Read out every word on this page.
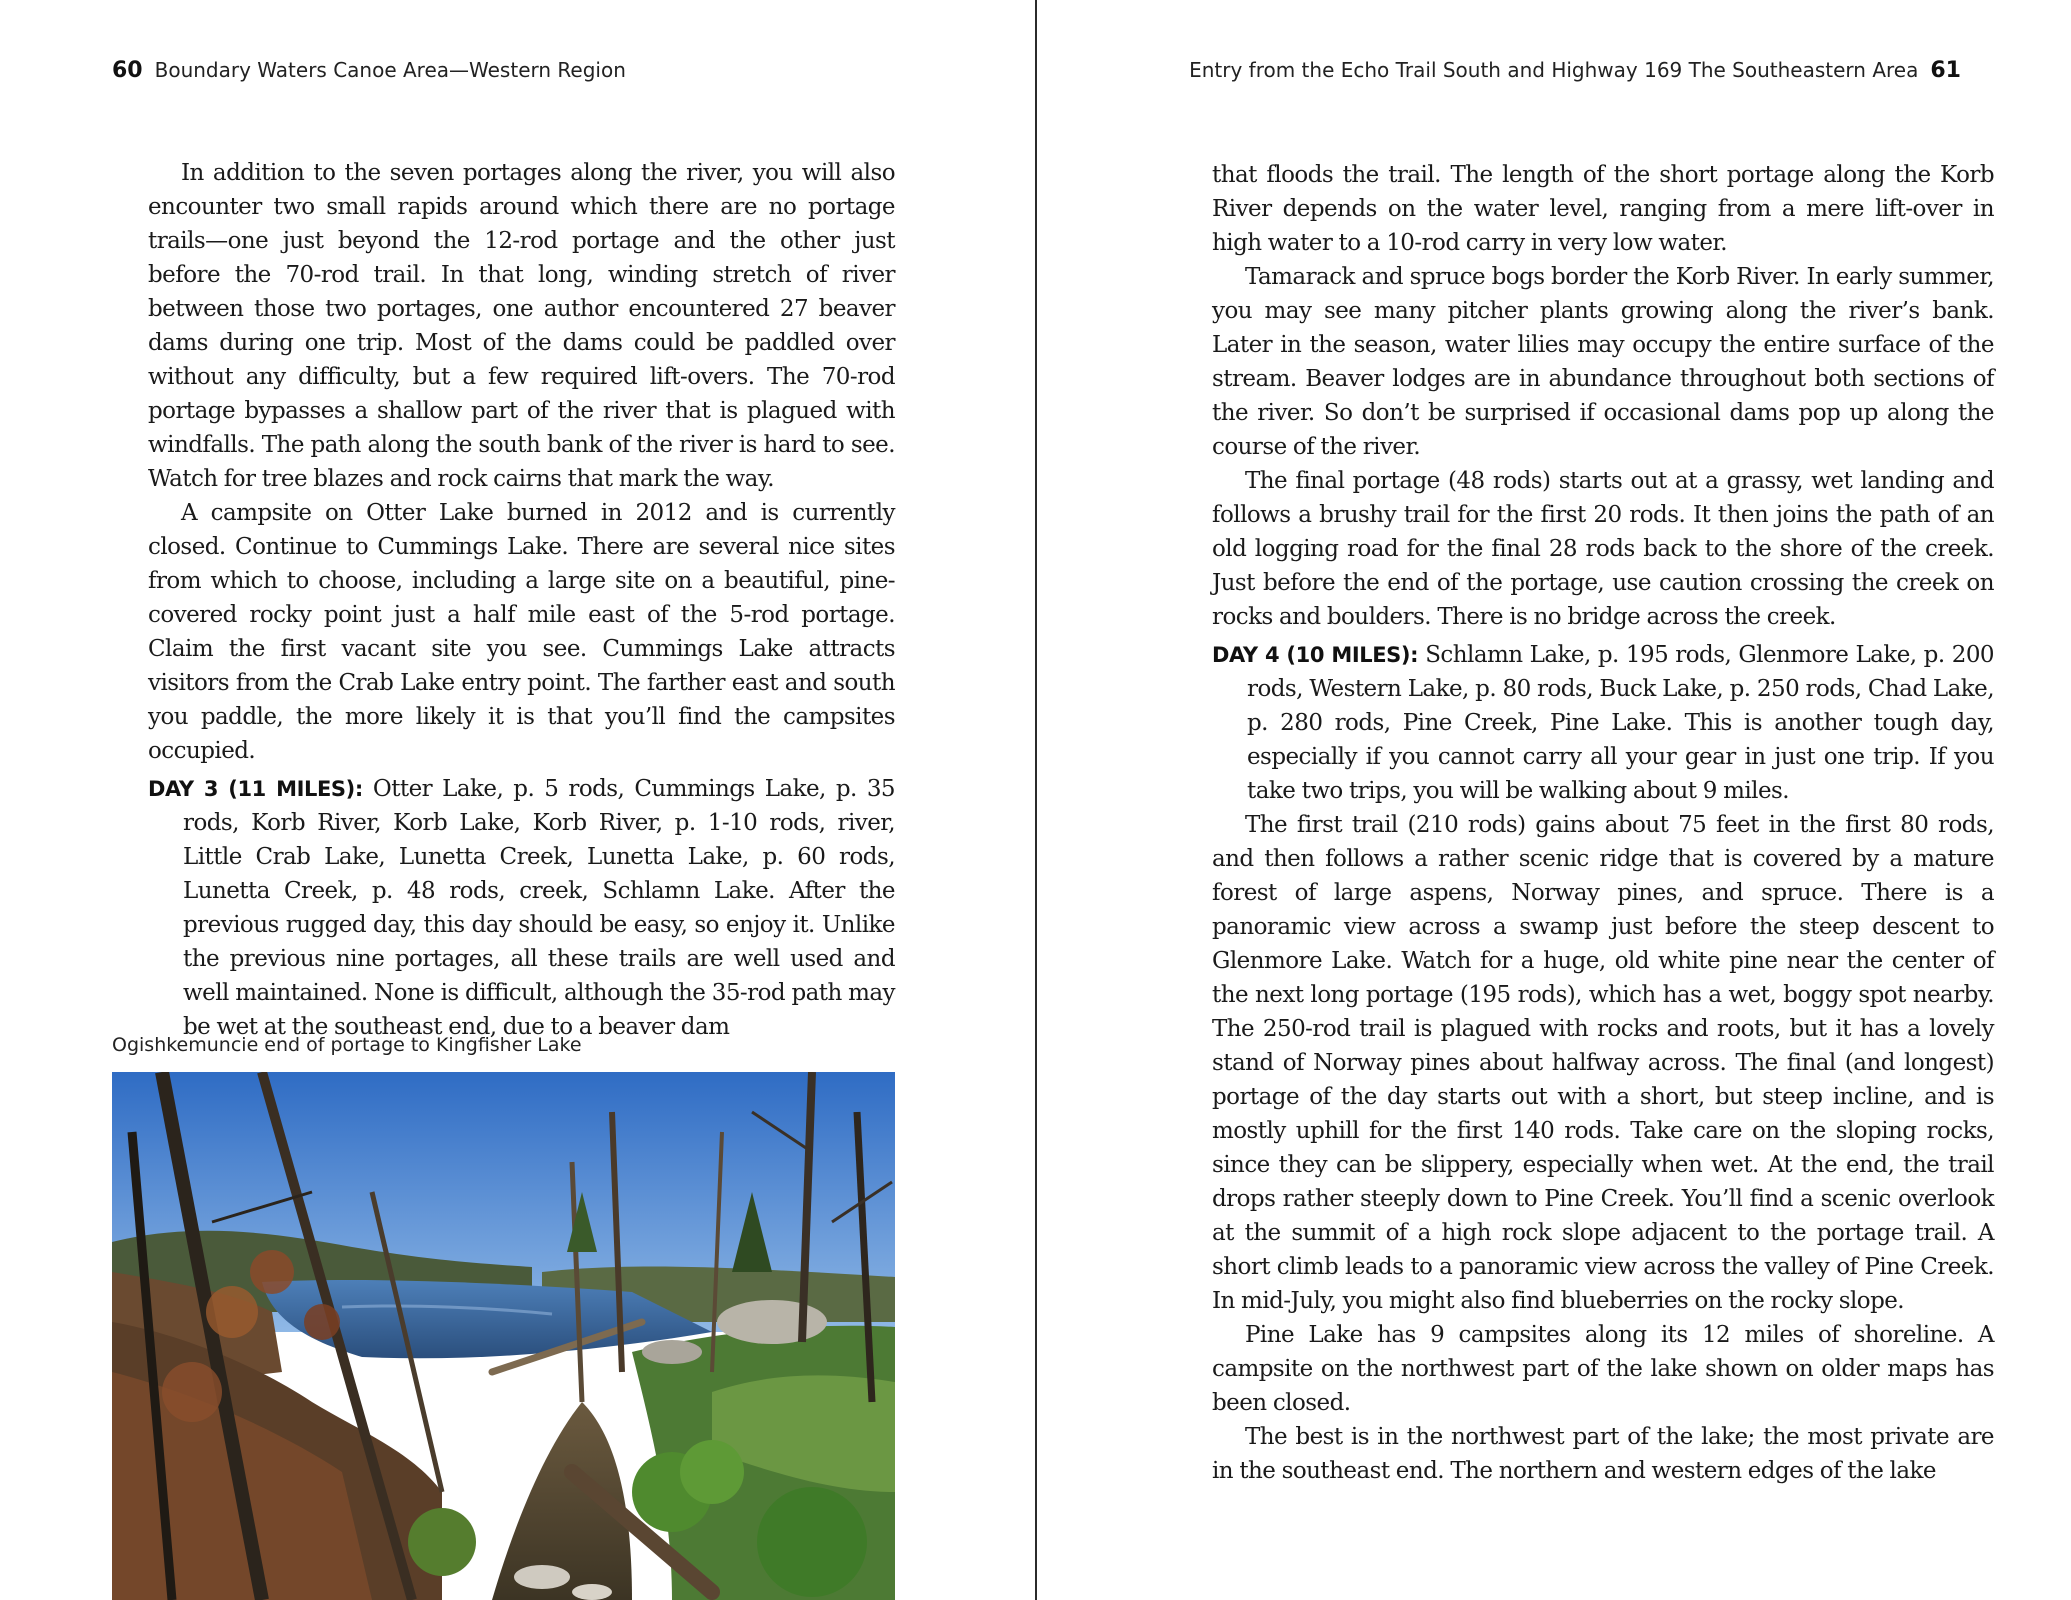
60 Boundary Waters Canoe Area—Western Region

In addition to the seven portages along the river, you will also encounter two small rapids around which there are no portage trails—one just beyond the 12-rod portage and the other just before the 70-rod trail. In that long, winding stretch of river between those two portages, one author encountered 27 beaver dams during one trip. Most of the dams could be paddled over without any difficulty, but a few required lift-overs. The 70-rod portage bypasses a shallow part of the river that is plagued with windfalls. The path along the south bank of the river is hard to see. Watch for tree blazes and rock cairns that mark the way.

A campsite on Otter Lake burned in 2012 and is currently closed. Continue to Cummings Lake. There are several nice sites from which to choose, including a large site on a beautiful, pine-covered rocky point just a half mile east of the 5-rod portage. Claim the first vacant site you see. Cummings Lake attracts visitors from the Crab Lake entry point. The farther east and south you paddle, the more likely it is that you’ll find the campsites occupied.

DAY 3 (11 MILES): Otter Lake, p. 5 rods, Cummings Lake, p. 35 rods, Korb River, Korb Lake, Korb River, p. 1-10 rods, river, Little Crab Lake, Lunetta Creek, Lunetta Lake, p. 60 rods, Lunetta Creek, p. 48 rods, creek, Schlamn Lake. After the previous rugged day, this day should be easy, so enjoy it. Unlike the previous nine portages, all these trails are well used and well maintained. None is difficult, although the 35-rod path may be wet at the southeast end, due to a beaver dam

Ogishkemuncie end of portage to Kingfisher Lake
Entry from the Echo Trail South and Highway 169 The Southeastern Area 61

that floods the trail. The length of the short portage along the Korb River depends on the water level, ranging from a mere lift-over in high water to a 10-rod carry in very low water.

Tamarack and spruce bogs border the Korb River. In early summer, you may see many pitcher plants growing along the river’s bank. Later in the season, water lilies may occupy the entire surface of the stream. Beaver lodges are in abundance throughout both sections of the river. So don’t be surprised if occasional dams pop up along the course of the river.

The final portage (48 rods) starts out at a grassy, wet landing and follows a brushy trail for the first 20 rods. It then joins the path of an old logging road for the final 28 rods back to the shore of the creek. Just before the end of the portage, use caution crossing the creek on rocks and boulders. There is no bridge across the creek.

DAY 4 (10 MILES): Schlamn Lake, p. 195 rods, Glenmore Lake, p. 200 rods, Western Lake, p. 80 rods, Buck Lake, p. 250 rods, Chad Lake, p. 280 rods, Pine Creek, Pine Lake. This is another tough day, especially if you cannot carry all your gear in just one trip. If you take two trips, you will be walking about 9 miles.

The first trail (210 rods) gains about 75 feet in the first 80 rods, and then follows a rather scenic ridge that is covered by a mature forest of large aspens, Norway pines, and spruce. There is a panoramic view across a swamp just before the steep descent to Glenmore Lake. Watch for a huge, old white pine near the center of the next long portage (195 rods), which has a wet, boggy spot nearby. The 250-rod trail is plagued with rocks and roots, but it has a lovely stand of Norway pines about halfway across. The final (and longest) portage of the day starts out with a short, but steep incline, and is mostly uphill for the first 140 rods. Take care on the sloping rocks, since they can be slippery, especially when wet. At the end, the trail drops rather steeply down to Pine Creek. You’ll find a scenic overlook at the summit of a high rock slope adjacent to the portage trail. A short climb leads to a panoramic view across the valley of Pine Creek. In mid-July, you might also find blueberries on the rocky slope.

Pine Lake has 9 campsites along its 12 miles of shoreline. A campsite on the northwest part of the lake shown on older maps has been closed.

The best is in the northwest part of the lake; the most private are in the southeast end. The northern and western edges of the lake
